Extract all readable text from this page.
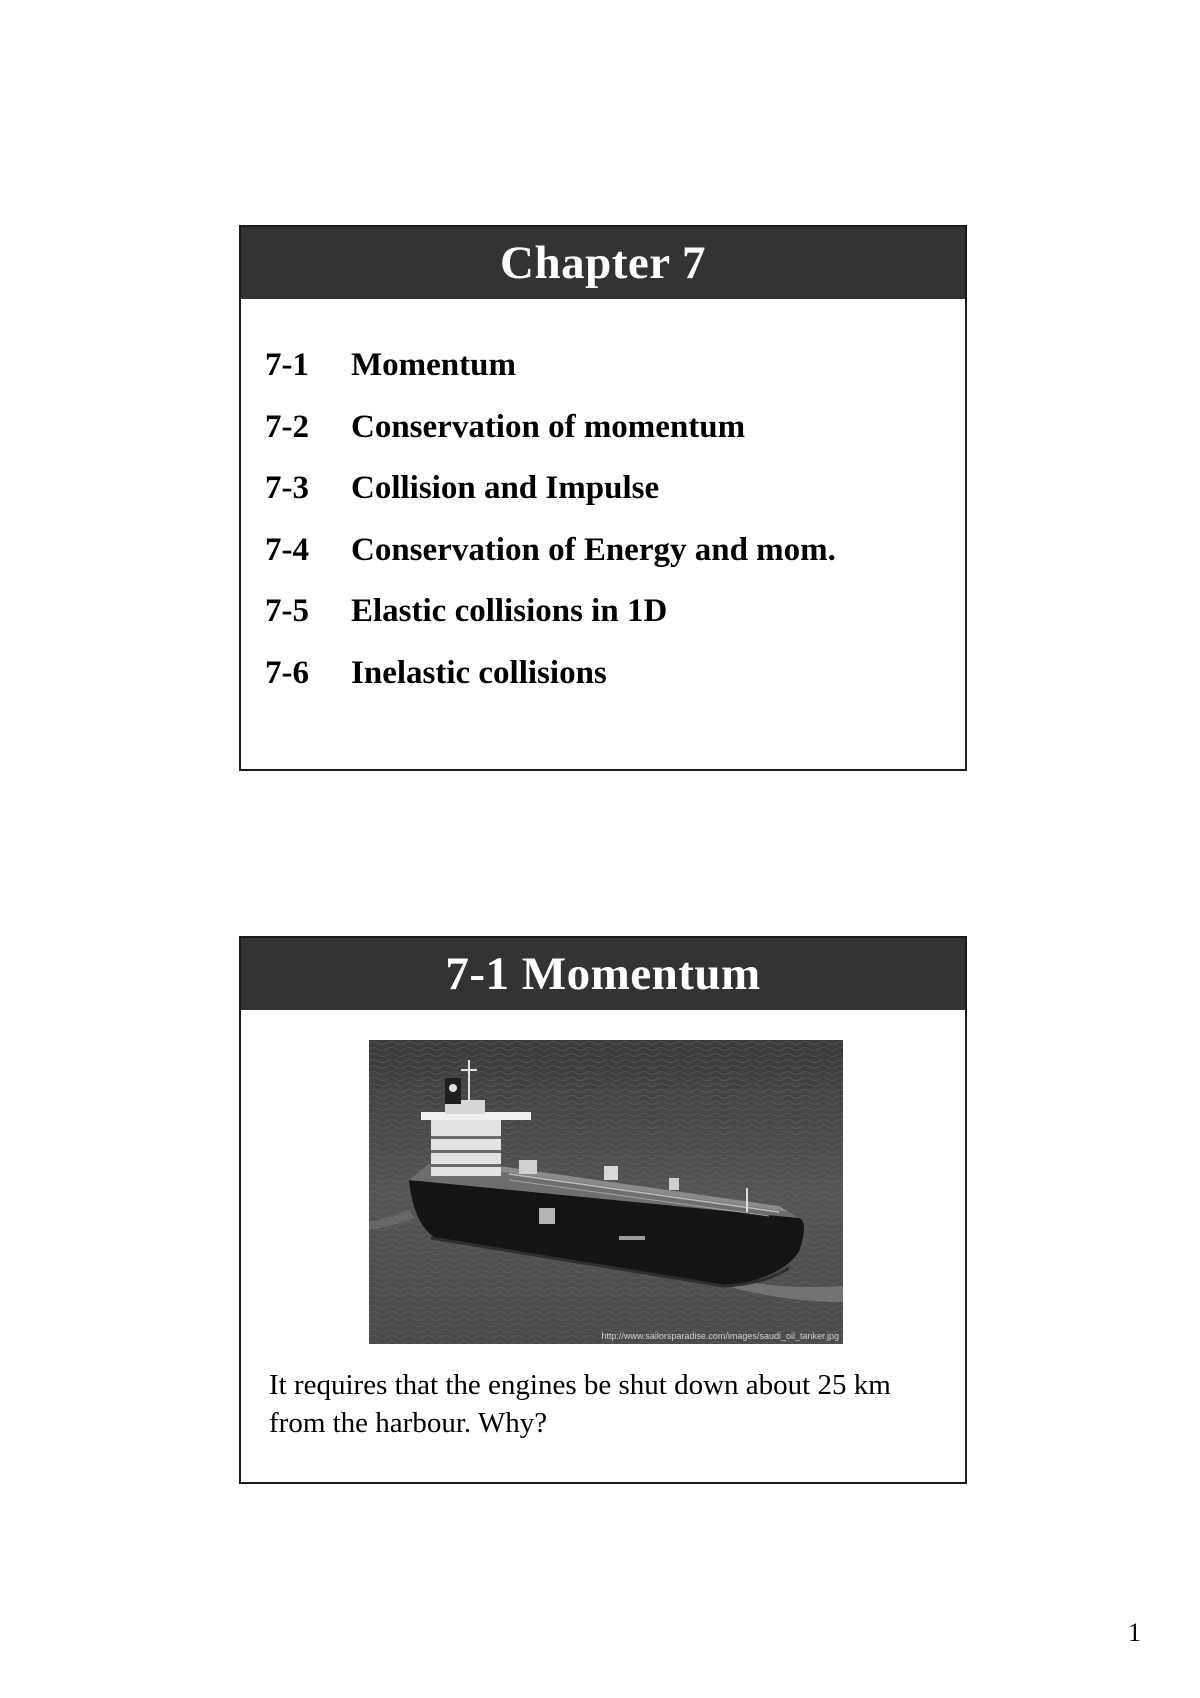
Chapter 7
7-1	Momentum
7-2	Conservation of momentum
7-3	Collision and Impulse
7-4	Conservation of Energy and mom.
7-5	Elastic collisions in 1D
7-6	Inelastic collisions
7-1 Momentum
http://www.sailorsparadise.com/images/saudi_oil_tanker.jpg
It requires that the engines be shut down about 25 km
from the harbour. Why?
1
